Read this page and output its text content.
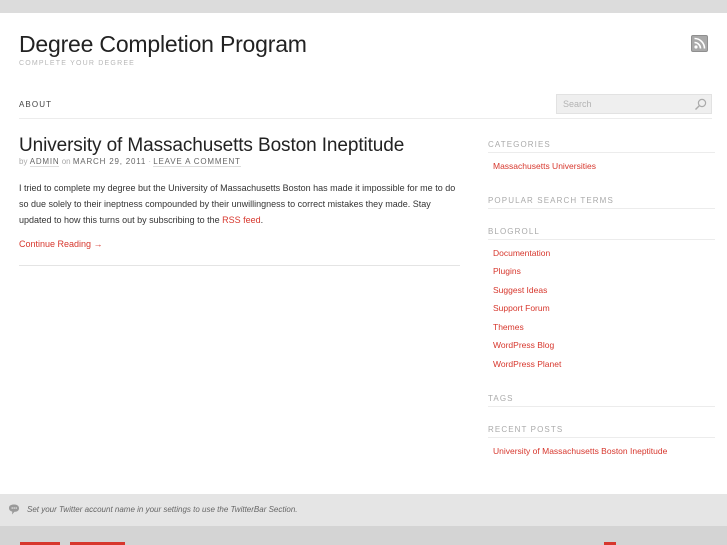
Degree Completion Program
COMPLETE YOUR DEGREE
ABOUT
Search
University of Massachusetts Boston Ineptitude
by ADMIN on MARCH 29, 2011 · LEAVE A COMMENT

I tried to complete my degree but the University of Massachusetts Boston has made it impossible for me to do so due solely to their ineptness compounded by their unwillingness to correct mistakes they made. Stay updated to how this turns out by subscribing to the RSS feed.

Continue Reading →
CATEGORIES
Massachusetts Universities
POPULAR SEARCH TERMS
BLOGROLL
Documentation
Plugins
Suggest Ideas
Support Forum
Themes
WordPress Blog
WordPress Planet
TAGS
RECENT POSTS
University of Massachusetts Boston Ineptitude
Set your Twitter account name in your settings to use the TwitterBar Section.
